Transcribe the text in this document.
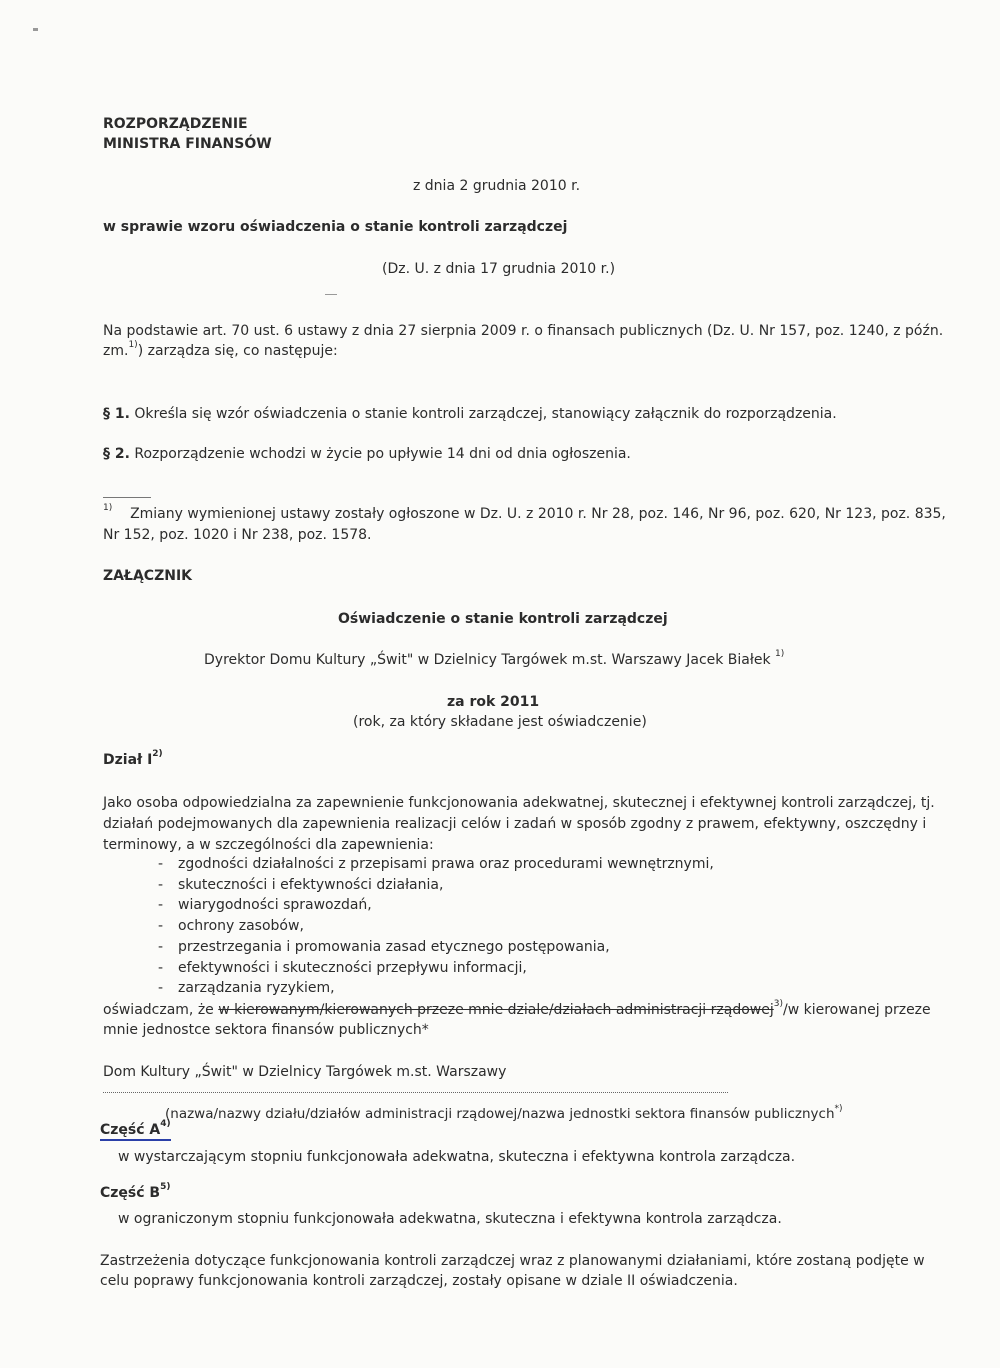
ROZPORZĄDZENIE
MINISTRA FINANSÓW
z dnia 2 grudnia 2010 r.
w sprawie wzoru oświadczenia o stanie kontroli zarządczej
(Dz. U. z dnia 17 grudnia 2010 r.)
Na podstawie art. 70 ust. 6 ustawy z dnia 27 sierpnia 2009 r. o finansach publicznych (Dz. U. Nr 157, poz. 1240, z późn.
zm.$^{1)}$) zarządza się, co następuje:
§ 1. Określa się wzór oświadczenia o stanie kontroli zarządczej, stanowiący załącznik do rozporządzenia.
§ 2. Rozporządzenie wchodzi w życie po upływie 14 dni od dnia ogłoszenia.
$^{1)}$ Zmiany wymienionej ustawy zostały ogłoszone w Dz. U. z 2010 r. Nr 28, poz. 146, Nr 96, poz. 620, Nr 123, poz. 835,
Nr 152, poz. 1020 i Nr 238, poz. 1578.
ZAŁĄCZNIK
Oświadczenie o stanie kontroli zarządczej
Dyrektor Domu Kultury „Świt" w Dzielnicy Targówek m.st. Warszawy Jacek Białek $^{1)}$
za rok 2011
(rok, za który składane jest oświadczenie)
Dział $I^{2)}$
Jako osoba odpowiedzialna za zapewnienie funkcjonowania adekwatnej, skutecznej i efektywnej kontroli zarządczej, tj.
działań podejmowanych dla zapewnienia realizacji celów i zadań w sposób zgodny z prawem, efektywny, oszczędny i
terminowy, a w szczególności dla zapewnienia:
- zgodności działalności z przepisami prawa oraz procedurami wewnętrznymi,
- skuteczności i efektywności działania,
- wiarygodności sprawozdań,
- ochrony zasobów,
- przestrzegania i promowania zasad etycznego postępowania,
- efektywności i skuteczności przepływu informacji,
- zarządzania ryzykiem,
oświadczam, że w kierowanym/kierowanych przeze mnie dziale/działach administracji rządowej$^{3)}$/w kierowanej przeze
mnie jednostce sektora finansów publicznych*
Dom Kultury „Świt" w Dzielnicy Targówek m.st. Warszawy
(nazwa/nazwy działu/działów administracji rządowej/nazwa jednostki sektora finansów publicznych*)
Część $A^{4)}$
w wystarczającym stopniu funkcjonowała adekwatna, skuteczna i efektywna kontrola zarządcza.
Część $B^{5)}$
w ograniczonym stopniu funkcjonowała adekwatna, skuteczna i efektywna kontrola zarządcza.
Zastrzeżenia dotyczące funkcjonowania kontroli zarządczej wraz z planowanymi działaniami, które zostaną podjęte w
celu poprawy funkcjonowania kontroli zarządczej, zostały opisane w dziale II oświadczenia.
